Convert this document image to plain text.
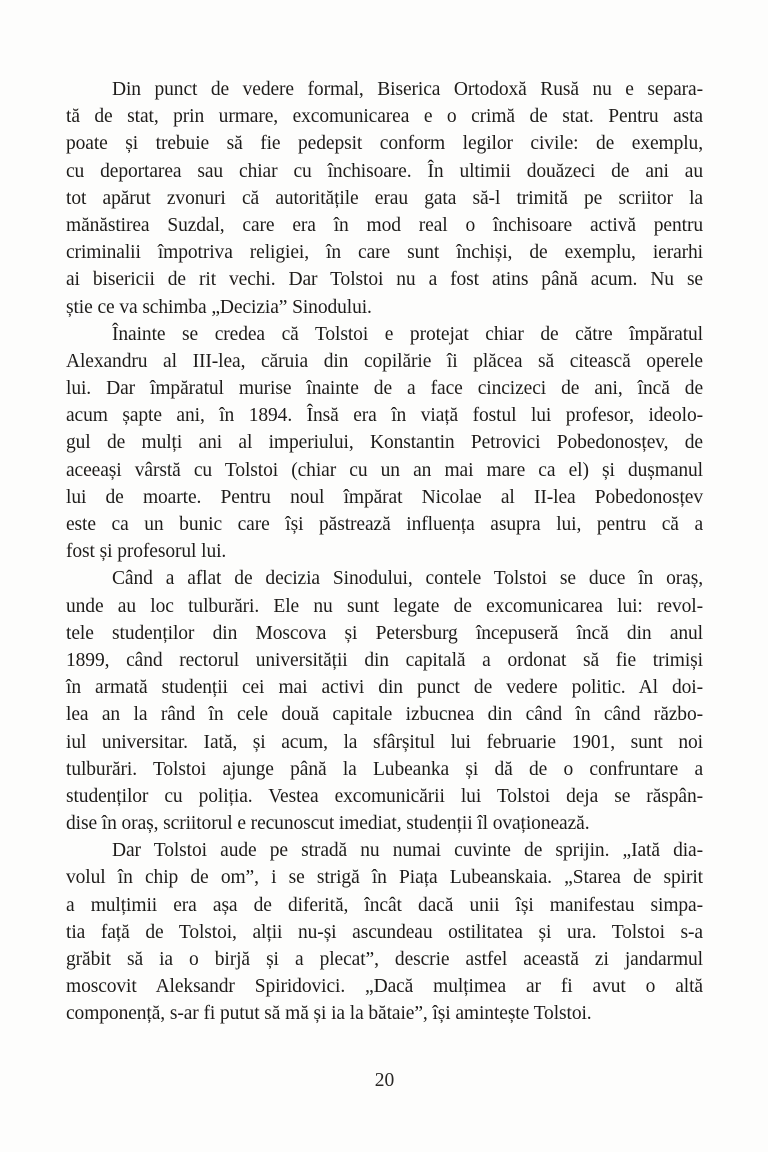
Din punct de vedere formal, Biserica Ortodoxă Rusă nu e separa-
tă de stat, prin urmare, excomunicarea e o crimă de stat. Pentru asta
poate și trebuie să fie pedepsit conform legilor civile: de exemplu,
cu deportarea sau chiar cu închisoare. În ultimii douăzeci de ani au
tot apărut zvonuri că autoritățile erau gata să-l trimită pe scriitor la
mănăstirea Suzdal, care era în mod real o închisoare activă pentru
criminalii împotriva religiei, în care sunt închiși, de exemplu, ierarhi
ai bisericii de rit vechi. Dar Tolstoi nu a fost atins până acum. Nu se
știe ce va schimba „Decizia” Sinodului.
Înainte se credea că Tolstoi e protejat chiar de către împăratul
Alexandru al III-lea, căruia din copilărie îi plăcea să citească operele
lui. Dar împăratul murise înainte de a face cincizeci de ani, încă de
acum șapte ani, în 1894. Însă era în viață fostul lui profesor, ideolo-
gul de mulți ani al imperiului, Konstantin Petrovici Pobedonosțev, de
aceeași vârstă cu Tolstoi (chiar cu un an mai mare ca el) și dușmanul
lui de moarte. Pentru noul împărat Nicolae al II-lea Pobedonosțev
este ca un bunic care își păstrează influența asupra lui, pentru că a
fost și profesorul lui.
Când a aflat de decizia Sinodului, contele Tolstoi se duce în oraș,
unde au loc tulburări. Ele nu sunt legate de excomunicarea lui: revol-
tele studenților din Moscova și Petersburg începuseră încă din anul
1899, când rectorul universității din capitală a ordonat să fie trimiși
în armată studenții cei mai activi din punct de vedere politic. Al doi-
lea an la rând în cele două capitale izbucnea din când în când războ-
iul universitar. Iată, și acum, la sfârșitul lui februarie 1901, sunt noi
tulburări. Tolstoi ajunge până la Lubeanka și dă de o confruntare a
studenților cu poliția. Vestea excomunicării lui Tolstoi deja se răspân-
dise în oraș, scriitorul e recunoscut imediat, studenții îl ovaționează.
Dar Tolstoi aude pe stradă nu numai cuvinte de sprijin. „Iată dia-
volul în chip de om”, i se strigă în Piața Lubeanskaia. „Starea de spirit
a mulțimii era așa de diferită, încât dacă unii își manifestau simpa-
tia față de Tolstoi, alții nu-și ascundeau ostilitatea și ura. Tolstoi s-a
grăbit să ia o birjă și a plecat”, descrie astfel această zi jandarmul
moscovit Aleksandr Spiridovici. „Dacă mulțimea ar fi avut o altă
componență, s-ar fi putut să mă și ia la bătaie”, își amintește Tolstoi.
20
